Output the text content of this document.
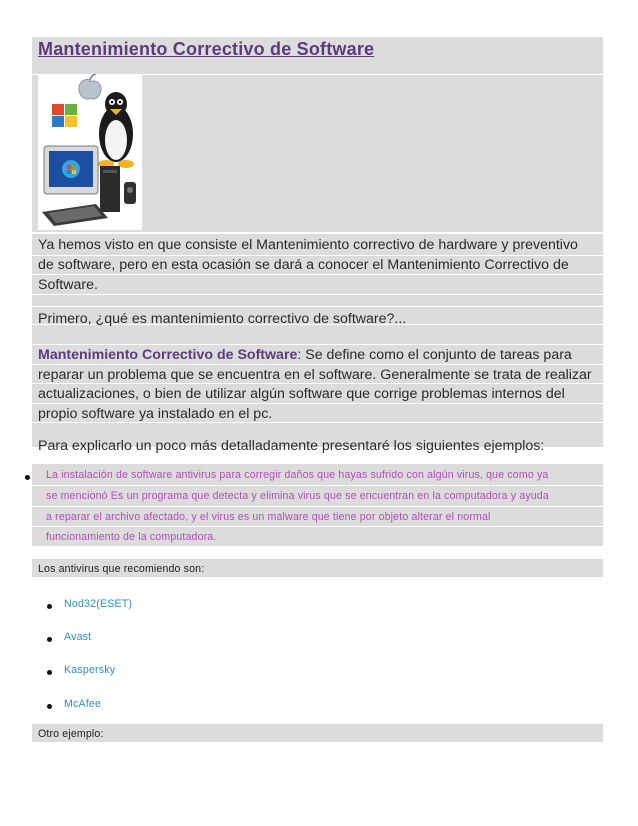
Mantenimiento Correctivo de Software
Ya hemos visto en que consiste el Mantenimiento correctivo de hardware y preventivo
de software, pero en esta ocasión se dará a conocer el Mantenimiento Correctivo de
Software.
Primero, ¿qué es mantenimiento correctivo de software?...
Mantenimiento Correctivo de Software: Se define como el conjunto de tareas para
reparar un problema que se encuentra en el software. Generalmente se trata de realizar
actualizaciones, o bien de utilizar algún software que corrige problemas internos del
propio software ya instalado en el pc.
Para explicarlo un poco más detalladamente presentaré los siguientes ejemplos:
La instalación de software antivirus para corregir daños que hayas sufrido con algún virus, que como ya
se mencionó Es un programa que detecta y elimina virus que se encuentran en la computadora y ayuda
a reparar el archivo afectado, y el virus es un malware que tiene por objeto alterar el normal
funcionamiento de la computadora.
Los antivirus que recomiendo son:
Nod32(ESET)
Avast
Kaspersky
McAfee
Otro ejemplo:
